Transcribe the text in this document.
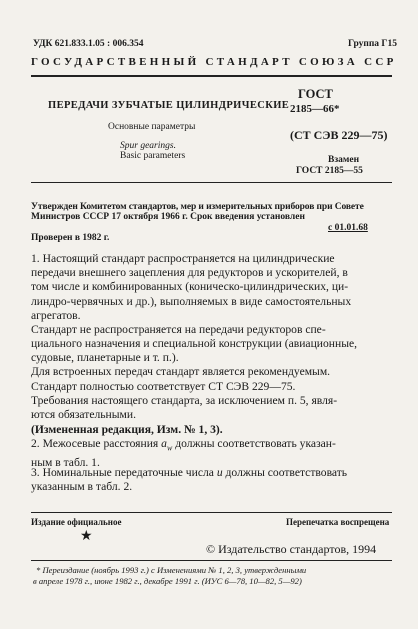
УДК 621.833.1.05 : 006.354	Группа Г15
ГОСУДАРСТВЕННЫЙ СТАНДАРТ СОЮЗА ССР
ПЕРЕДАЧИ ЗУБЧАТЫЕ ЦИЛИНДРИЧЕСКИЕ
Основные параметры
Spur gearings.
Basic parameters
ГОСТ
2185—66*
(СТ СЭВ 229—75)
Взамен
ГОСТ 2185—55
Утвержден Комитетом стандартов, мер и измерительных приборов при Совете
Министров СССР 17 октября 1966 г. Срок введения установлен
с 01.01.68
Проверен в 1982 г.
1. Настоящий стандарт распространяется на цилиндрические
передачи внешнего зацепления для редукторов и ускорителей, в
том числе и комбинированных (коническо-цилиндрических, ци-
линдро-червячных и др.), выполняемых в виде самостоятельных
агрегатов.
Стандарт не распространяется на передачи редукторов спе-
циального назначения и специальной конструкции (авиационные,
судовые, планетарные и т. п.).
Для встроенных передач стандарт является рекомендуемым.
Стандарт полностью соответствует СТ СЭВ 229—75.
Требования настоящего стандарта, за исключением п. 5, явля-
ются обязательными.
(Измененная редакция, Изм. № 1, 3).
2. Межосевые расстояния $a_w$ должны соответствовать указан-
ным в табл. 1.
3. Номинальные передаточные числа u должны соответствовать
указанным в табл. 2.
Издание официальное	Перепечатка воспрещена
★
© Издательство стандартов, 1994
* Переиздание (ноябрь 1993 г.) с Изменениями № 1, 2, 3, утвержденными
в апреле 1978 г., июне 1982 г., декабре 1991 г. (ИУС 6—78, 10—82, 5—92)
